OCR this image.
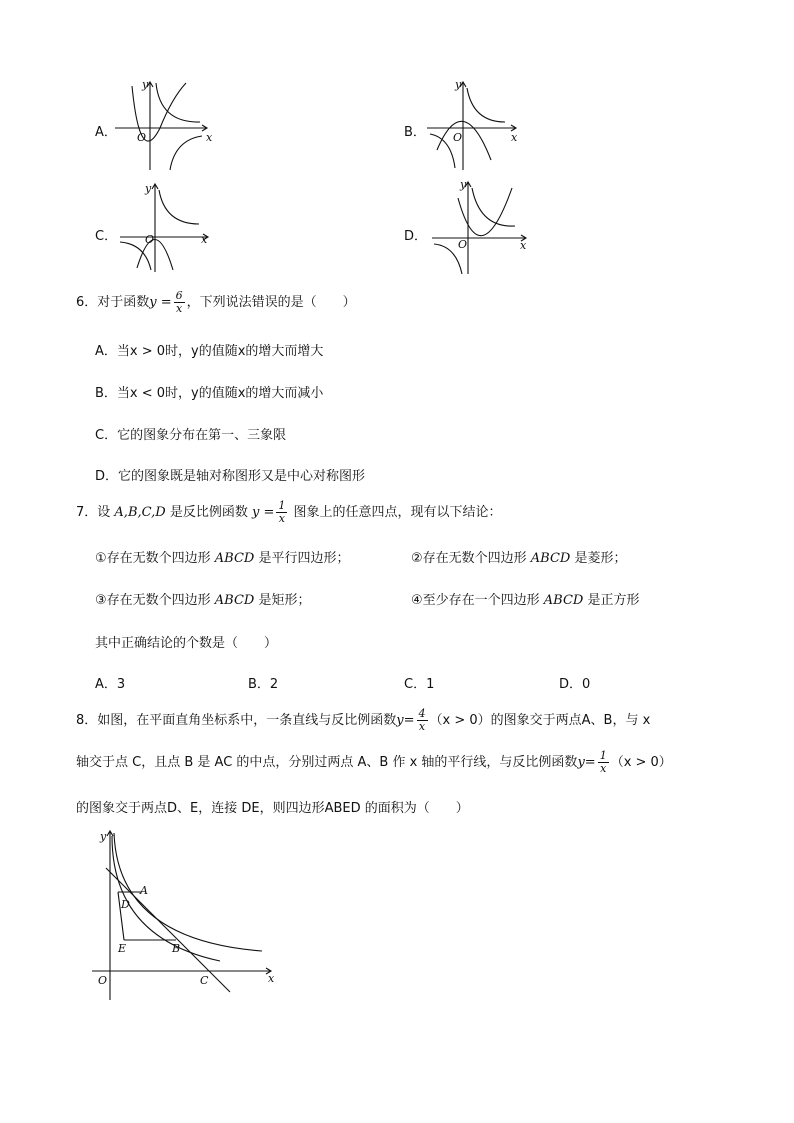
A．
y
x
O	B．
y
x
O
C．
y
x
O	D．
y
x
O
6．对于函数$y = \frac{6}{x}$ ，下列说法错误的是（　　）
A．当x > 0时，y的值随x的增大而增大
B．当x < 0时，y的值随x的增大而减小
C．它的图象分布在第一、三象限
D．它的图象既是轴对称图形又是中心对称图形
7．设 A,B,C,D 是反比例函数 $y = \frac{1}{x}$ 图象上的任意四点，现有以下结论：
①存在无数个四边形 ABCD 是平行四边形；	②存在无数个四边形 ABCD 是菱形；
③存在无数个四边形 ABCD 是矩形；	④至少存在一个四边形 ABCD 是正方形
其中正确结论的个数是（　　）
A．3	B．2	C．1	D．0
8．如图，在平面直角坐标系中，一条直线与反比例函数$y= \frac{4}{x} (x > 0)$的图象交于两点A、B，与 x
轴交于点 C，且点 B 是 AC 的中点，分别过两点 A、B 作 x 轴的平行线，与反比例函数$y= \frac{1}{x} (x > 0)$
的图象交于两点D、E，连接 DE，则四边形ABED 的面积为（　　）
y
x
O
A
B
C
D
E
